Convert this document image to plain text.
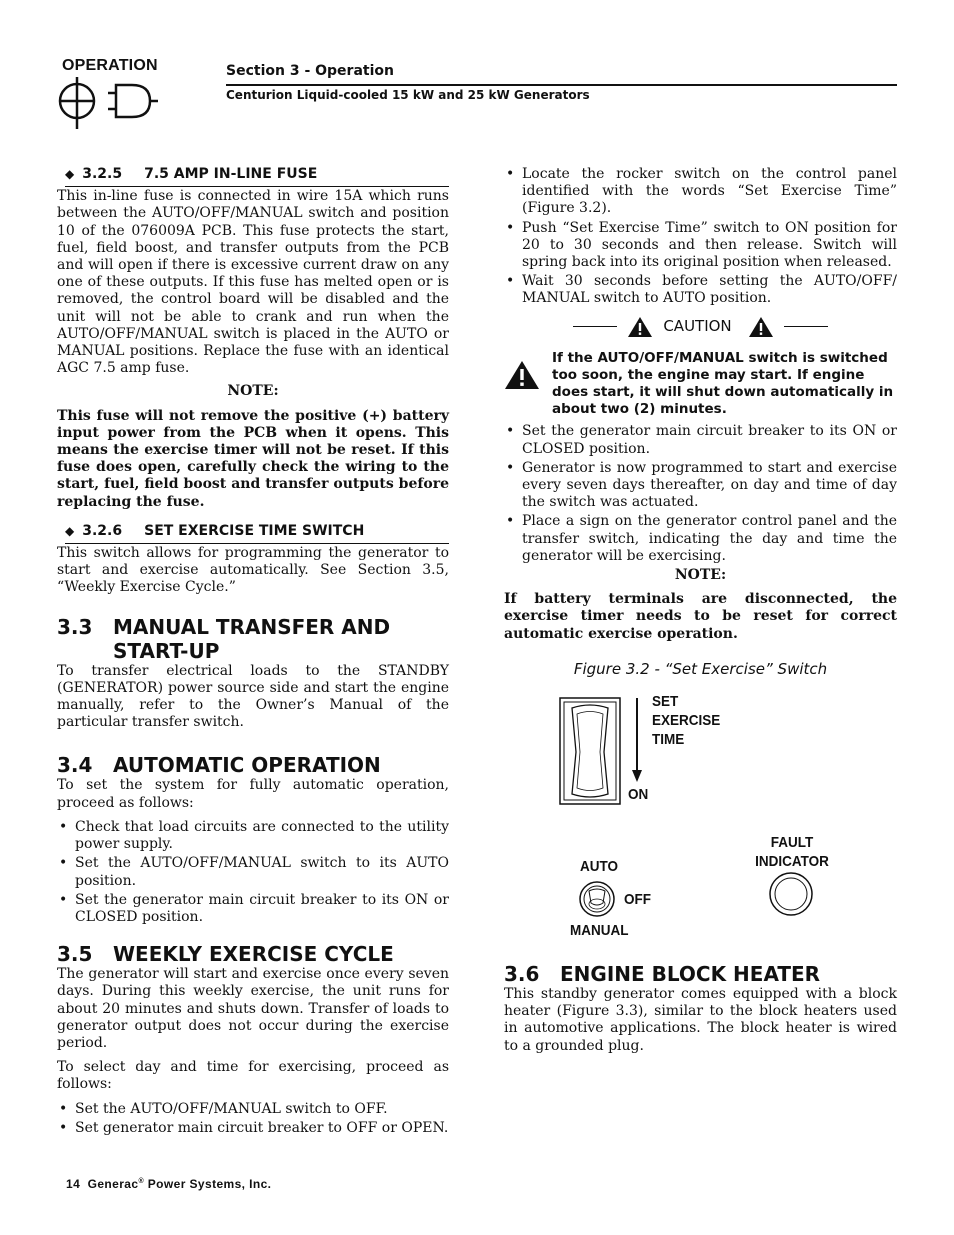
OPERATION	Section 3 - Operation
Centurion Liquid-cooled 15 kW and 25 kW Generators
◆ 3.2.5 7.5 AMP IN-LINE FUSE
This in-line fuse is connected in wire 15A which runs between the AUTO/OFF/MANUAL switch and position 10 of the 076009A PCB. This fuse protects the start, fuel, field boost, and transfer outputs from the PCB and will open if there is excessive current draw on any one of these outputs. If this fuse has melted open or is removed, the control board will be disabled and the unit will not be able to crank and run when the AUTO/OFF/MANUAL switch is placed in the AUTO or MANUAL positions. Replace the fuse with an identical AGC 7.5 amp fuse.
NOTE:
This fuse will not remove the positive (+) battery input power from the PCB when it opens. This means the exercise timer will not be reset. If this fuse does open, carefully check the wiring to the start, fuel, field boost and transfer outputs before replacing the fuse.
◆ 3.2.6 SET EXERCISE TIME SWITCH
This switch allows for programming the generator to start and exercise automatically. See Section 3.5, “Weekly Exercise Cycle.”
3.3	MANUAL TRANSFER AND
START-UP
To transfer electrical loads to the STANDBY (GENERATOR) power source side and start the engine manually, refer to the Owner’s Manual of the particular transfer switch.
3.4	AUTOMATIC OPERATION
To set the system for fully automatic operation, proceed as follows:
• Check that load circuits are connected to the utility power supply.
• Set the AUTO/OFF/MANUAL switch to its AUTO position.
• Set the generator main circuit breaker to its ON or CLOSED position.
3.5	WEEKLY EXERCISE CYCLE
The generator will start and exercise once every seven days. During this weekly exercise, the unit runs for about 20 minutes and shuts down. Transfer of loads to generator output does not occur during the exercise period.
To select day and time for exercising, proceed as follows:
• Set the AUTO/OFF/MANUAL switch to OFF.
• Set generator main circuit breaker to OFF or OPEN.
• Locate the rocker switch on the control panel identified with the words “Set Exercise Time” (Figure 3.2).
• Push “Set Exercise Time” switch to ON position for 20 to 30 seconds and then release. Switch will spring back into its original position when released.
• Wait 30 seconds before setting the AUTO/OFF/ MANUAL switch to AUTO position.
CAUTION
If the AUTO/OFF/MANUAL switch is switched too soon, the engine may start. If engine does start, it will shut down automatically in about two (2) minutes.
• Set the generator main circuit breaker to its ON or CLOSED position.
• Generator is now programmed to start and exercise every seven days thereafter, on day and time of day the switch was actuated.
• Place a sign on the generator control panel and the transfer switch, indicating the day and time the generator will be exercising.
NOTE:
If battery terminals are disconnected, the exercise timer needs to be reset for correct automatic exercise operation.
Figure 3.2 - “Set Exercise” Switch
SET
EXERCISE
TIME
ON
AUTO
OFF
MANUAL
FAULT
INDICATOR
3.6	ENGINE BLOCK HEATER
This standby generator comes equipped with a block heater (Figure 3.3), similar to the block heaters used in automotive applications. The block heater is wired to a grounded plug.
14 Generac® Power Systems, Inc.
